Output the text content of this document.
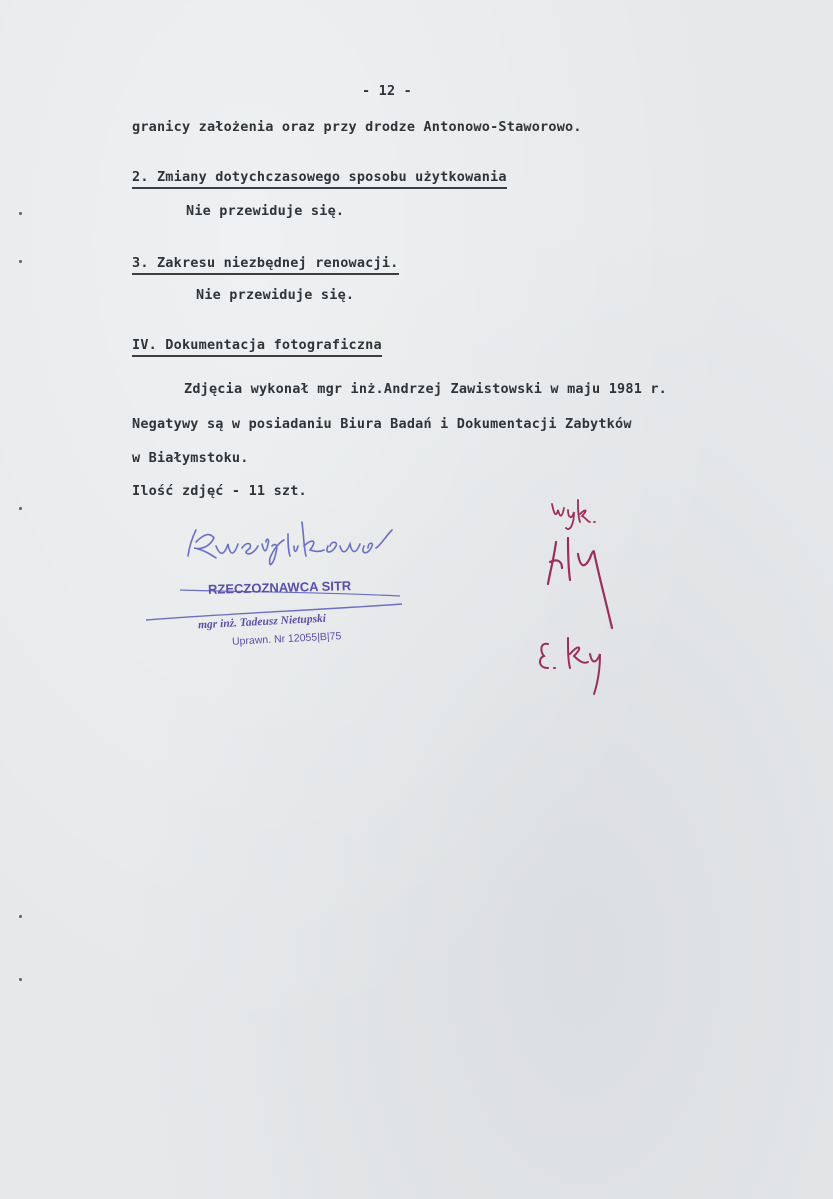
- 12 -
granicy założenia oraz przy drodze Antonowo-Staworowo.
2. Zmiany dotychczasowego sposobu użytkowania
Nie przewiduje się.
3. Zakresu niezbędnej renowacji.
Nie przewiduje się.
IV. Dokumentacja fotograficzna
Zdjęcia wykonał mgr inż.Andrzej Zawistowski w maju 1981 r.
Negatywy są w posiadaniu Biura Badań i Dokumentacji Zabytków
w Białymstoku.
Ilość zdjęć - 11 szt.
RZECZOZNAWCA SITR
mgr inż. Tadeusz Nietupski
Uprawn. Nr 12055|B|75
